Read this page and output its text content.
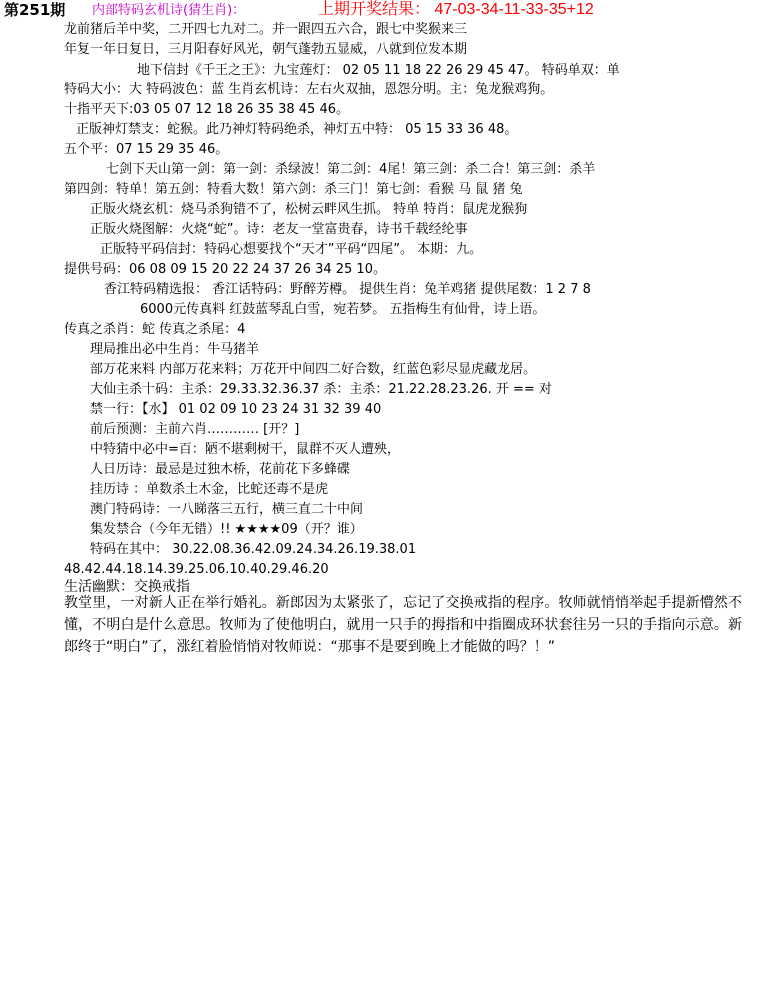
第251期 内部特码玄机诗(猜生肖)：	上期开奖结果： 47-03-34-11-33-35+12
龙前猪后羊中奖，二开四七九对二。并一跟四五六合，跟七中奖猴来三
年复一年日复日，三月阳春好风光，朝气蓬勃五显威，八就到位发本期
地下信封《千王之王》：九宝莲灯： 02 05 11 18 22 26 29 45 47。 特码单双：单
特码大小：大 特码波色：蓝 生肖玄机诗：左右火双抽，恩怨分明。主：兔龙猴鸡狗。
十指平天下:03 05 07 12 18 26 35 38 45 46。
正版神灯禁支：蛇猴。此乃神灯特码绝杀，神灯五中特： 05 15 33 36 48。
五个平：07 15 29 35 46。
七剑下天山第一剑：第一剑：杀绿波！第二剑：4尾！第三剑：杀二合！第三剑：杀羊
第四剑：特单！第五剑：特看大数！第六剑：杀三门！第七剑：看猴 马 鼠 猪 兔
正版火烧玄机：烧马杀狗错不了，松树云畔风生抓。 特单 特肖：鼠虎龙猴狗
正版火烧图解：火烧“蛇”。诗：老友一堂富贵春，诗书千载经纶事
正版特平码信封：特码心想要找个“天才”平码“四尾”。 本期：九。
提供号码：06 08 09 15 20 22 24 37 26 34 25 10。
香江特码精选报： 香江话特码：野醉芳樽。 提供生肖：兔羊鸡猪 提供尾数：1 2 7 8
6000元传真料 红鼓蓝琴乱白雪，宛若梦。 五指梅生有仙骨，诗上语。
传真之杀肖：蛇 传真之杀尾：4
理局推出必中生肖：牛马猪羊
部万花来料 内部万花来料；万花开中间四二好合数，红蓝色彩尽显虎藏龙居。
大仙主杀十码：主杀：29.33.32.36.37 杀：主杀：21.22.28.23.26. 开 == 对
禁一行：【水】 01 02 09 10 23 24 31 32 39 40
前后预测：主前六肖………… [开？]
中特猜中必中=百：陋不堪剩树干，鼠群不灭人遭殃，
人日历诗：最忌是过独木桥，花前花下多蜂碟
挂历诗 ：单数杀土木金，比蛇还毒不是虎
澳门特码诗：一八睇落三五行，横三直二十中间
集发禁合（今年无错）!! ★★★★09（开？谁）
特码在其中： 30.22.08.36.42.09.24.34.26.19.38.01
48.42.44.18.14.39.25.06.10.40.29.46.20
生活幽默：交换戒指
教堂里，一对新人正在举行婚礼。新郎因为太紧张了，忘记了交换戒指的程序。牧师就悄悄举起手提新懵然不懂，不明白是什么意思。牧师为了使他明白，就用一只手的拇指和中指圈成环状套往另一只的手指向示意。新郎终于“明白”了，涨红着脸悄悄对牧师说：“那事不是要到晚上才能做的吗？！”
